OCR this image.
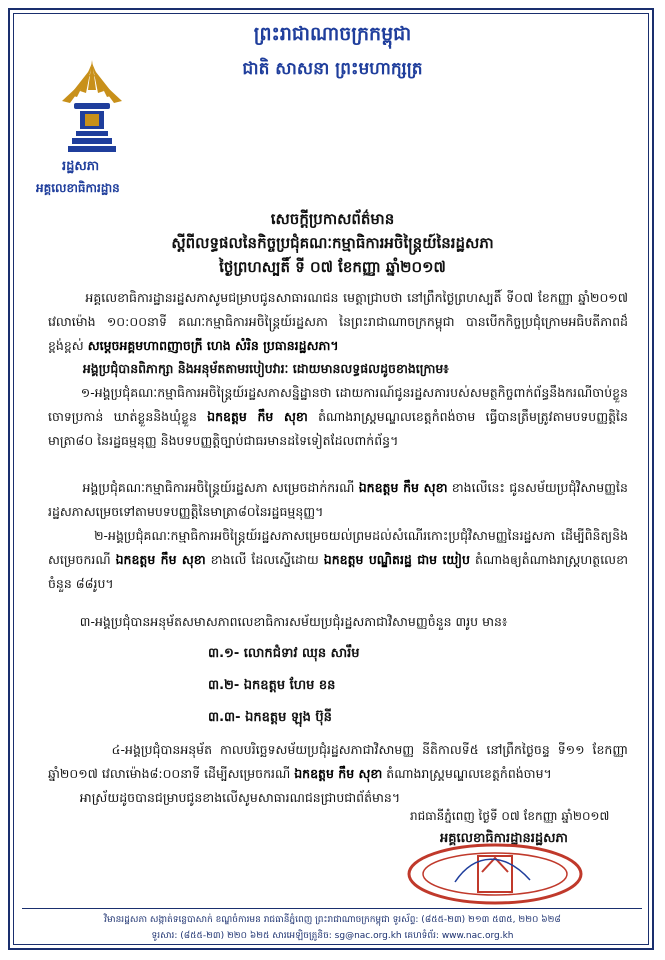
ព្រះរាជាណាចក្រកម្ពុជា
ជាតិ សាសនា ព្រះមហាក្សត្រ
រដ្ឋសភា
អគ្គលេខាធិការដ្ឋាន
សេចក្តីប្រកាសព័ត៌មាន
ស្តីពីលទ្ធផលនៃកិច្ចប្រជុំគណៈកម្មាធិការអចិន្ត្រៃយ៍នៃរដ្ឋសភា
ថ្ងៃព្រហស្បតិ៍ ទី ០៧ ខែកញ្ញា ឆ្នាំ២០១៧
អគ្គលេខាធិការដ្ឋានរដ្ឋសភាសូមជម្រាបជូនសាធារណជន មេត្តាជ្រាបថា នៅព្រឹកថ្ងៃព្រហស្បតិ៍ ទី០៧ ខែកញ្ញា ឆ្នាំ២០១៧ វេលាម៉ោង ១០:០០នាទី គណៈកម្មាធិការអចិន្ត្រៃយ៍រដ្ឋសភា នៃព្រះរាជាណាចក្រកម្ពុជា បានបើកកិច្ចប្រជុំក្រោមអធិបតីភាពដ៏ខ្ពង់ខ្ពស់ សម្តេចអគ្គមហាពញាចក្រី ហេង សំរិន ប្រធានរដ្ឋសភា។
អង្គប្រជុំបានពិភាក្សា និងអនុម័តតាមរបៀបវារៈ ដោយមានលទ្ធផលដូចខាងក្រោម៖
១-អង្គប្រជុំគណៈកម្មាធិការអចិន្ត្រៃយ៍រដ្ឋសភាសន្និដ្ឋានថា ដោយការណ៍ជូនរដ្ឋសភារបស់សមត្ថកិច្ចពាក់ព័ន្ធនឹងករណីចាប់ខ្លួន ចោទប្រកាន់ ឃាត់ខ្លួននិងឃុំខ្លួន ឯកឧត្តម កឹម សុខា តំណាងរាស្ត្រមណ្ឌលខេត្តកំពង់ចាម ធ្វើបានត្រឹមត្រូវតាមបទបញ្ញត្តិនៃមាត្រា៨០ នៃរដ្ឋធម្មនុញ្ញ និងបទបញ្ញត្តិច្បាប់ជាធរមានដទៃទៀតដែលពាក់ព័ន្ធ។
អង្គប្រជុំគណៈកម្មាធិការអចិន្ត្រៃយ៍រដ្ឋសភា សម្រេចដាក់ករណី ឯកឧត្តម កឹម សុខា ខាងលើនេះ ជូនសម័យប្រជុំវិសាមញ្ញនៃរដ្ឋសភាសម្រេចទៅតាមបទបញ្ញត្តិនៃមាត្រា៨០នៃរដ្ឋធម្មនុញ្ញ។
២-អង្គប្រជុំគណៈកម្មាធិការអចិន្ត្រៃយ៍រដ្ឋសភាសម្រេចយល់ព្រមដល់សំណើរកោះប្រជុំវិសាមញ្ញនៃរដ្ឋសភា ដើម្បីពិនិត្យនិងសម្រេចករណី ឯកឧត្តម កឹម សុខា ខាងលើ ដែលស្នើដោយ ឯកឧត្តម បណ្ឌិតរដ្ឋ ជាម យៀប តំណាងឲ្យតំណាងរាស្ត្រហត្ថលេខាចំនួន ៨៨រូប។
៣-អង្គប្រជុំបានអនុម័តសមាសភាពលេខាធិការសម័យប្រជុំរដ្ឋសភាជាវិសាមញ្ញចំនួន ៣រូប មាន៖
៣.១- លោកជំទាវ ឈុន សារឹម
៣.២- ឯកឧត្តម ហែម ខន
៣.៣- ឯកឧត្តម ឡុង ប៊ុនី
៤-អង្គប្រជុំបានអនុម័ត កាលបរិច្ឆេទសម័យប្រជុំរដ្ឋសភាជាវិសាមញ្ញ នីតិកាលទី៥ នៅព្រឹកថ្ងៃចន្ទ ទី១១ ខែកញ្ញា ឆ្នាំ២០១៧ វេលាម៉ោង៨:០០នាទី ដើម្បីសម្រេចករណី ឯកឧត្តម កឹម សុខា តំណាងរាស្ត្រមណ្ឌលខេត្តកំពង់ចាម។
អាស្រ័យដូចបានជម្រាបជូនខាងលើសូមសាធារណជនជ្រាបជាព័ត៌មាន។
រាជធានីភ្នំពេញ ថ្ងៃទី ០៧ ខែកញ្ញា ឆ្នាំ២០១៧
អគ្គលេខាធិការដ្ឋានរដ្ឋសភា
វិមានរដ្ឋសភា សង្កាត់ទន្លេបាសាក់ ខណ្ឌចំការមន រាជធានីភ្នំពេញ ព្រះរាជាណាចក្រកម្ពុជា ទូរស័ព្ទ: (៨៥៥-២៣) ២១៣ ៥៣៥, ២២០ ៦២៨
ទូរសារ: (៨៥៥-២៣) ២២០ ៦២៥ សារអេឡិចត្រូនិច: sg@nac.org.kh គេហទំព័រ: www.nac.org.kh
